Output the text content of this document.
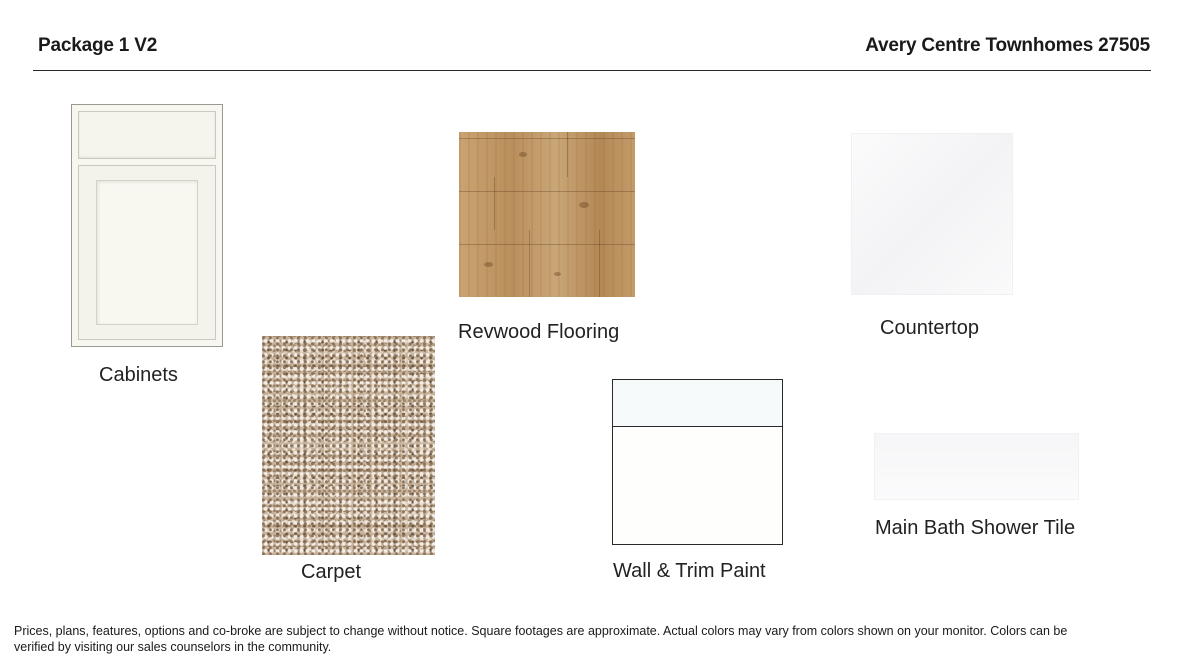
Package 1 V2	Avery Centre Townhomes 27505
Cabinets
Revwood Flooring	Countertop
Carpet	Wall & Trim Paint
Main Bath Shower Tile
Prices, plans, features, options and co-broke are subject to change without notice. Square footages are approximate. Actual colors may vary from colors shown on your monitor. Colors can be verified by visiting our sales counselors in the community.
